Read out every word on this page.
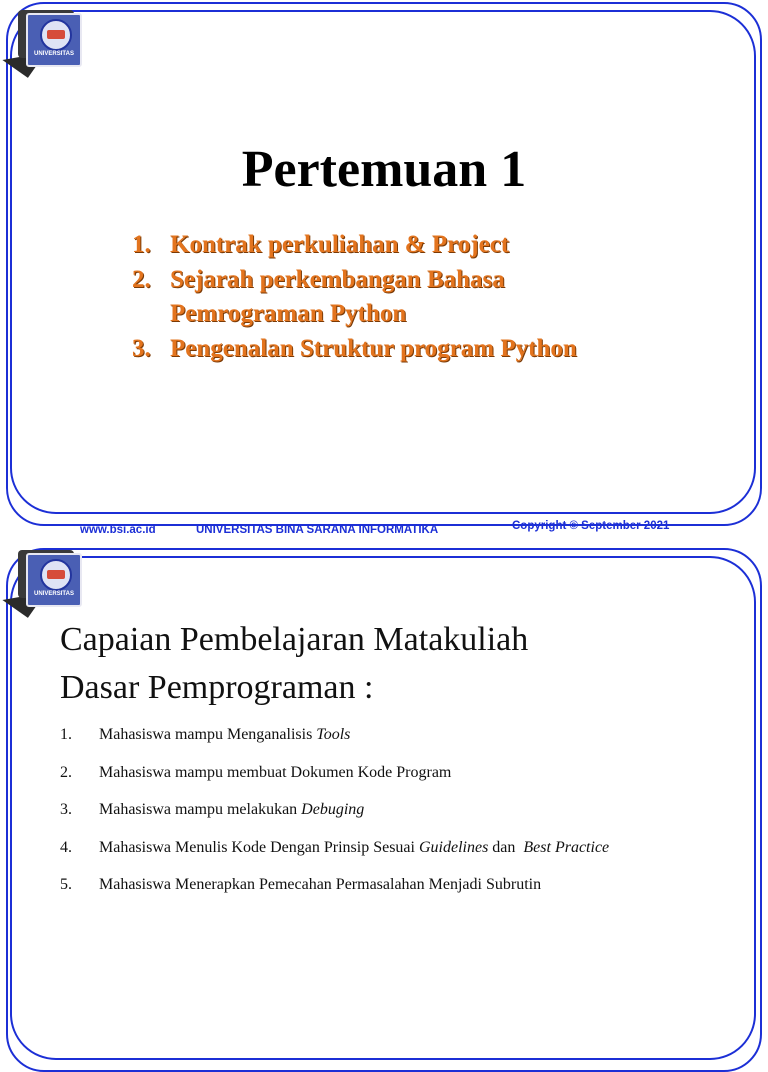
UNIVERSITAS
Pertemuan 1
1. Kontrak perkuliahan & Project
2. Sejarah perkembangan Bahasa
Pemrograman Python
3. Pengenalan Struktur program Python
www.bsi.ac.id	UNIVERSITAS BINA SARANA INFORMATIKA	Copyright © September 2021
UNIVERSITAS
Capaian Pembelajaran Matakuliah
Dasar Pemprograman :
1. Mahasiswa mampu Menganalisis Tools
2. Mahasiswa mampu membuat Dokumen Kode Program
3. Mahasiswa mampu melakukan Debuging
4. Mahasiswa Menulis Kode Dengan Prinsip Sesuai Guidelines dan  Best Practice
5. Mahasiswa Menerapkan Pemecahan Permasalahan Menjadi Subrutin
